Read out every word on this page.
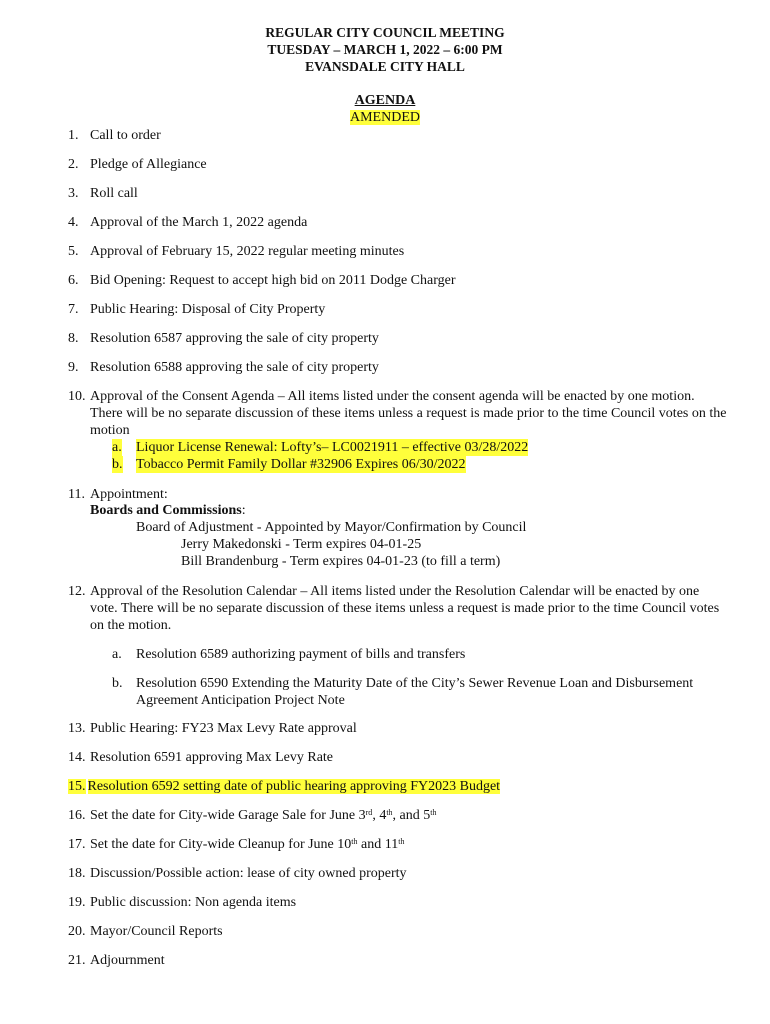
REGULAR CITY COUNCIL MEETING
TUESDAY – MARCH 1, 2022 – 6:00 PM
EVANSDALE CITY HALL
AGENDA
AMENDED
1. Call to order
2. Pledge of Allegiance
3. Roll call
4. Approval of the March 1, 2022 agenda
5. Approval of February 15, 2022 regular meeting minutes
6. Bid Opening: Request to accept high bid on 2011 Dodge Charger
7. Public Hearing: Disposal of City Property
8. Resolution 6587 approving the sale of city property
9. Resolution 6588 approving the sale of city property
10. Approval of the Consent Agenda – All items listed under the consent agenda will be enacted by one motion. There will be no separate discussion of these items unless a request is made prior to the time Council votes on the motion
a. Liquor License Renewal: Lofty’s– LC0021911 – effective 03/28/2022
b. Tobacco Permit Family Dollar #32906 Expires 06/30/2022
11. Appointment:
Boards and Commissions:
Board of Adjustment - Appointed by Mayor/Confirmation by Council
Jerry Makedonski - Term expires 04-01-25
Bill Brandenburg - Term expires 04-01-23 (to fill a term)
12. Approval of the Resolution Calendar – All items listed under the Resolution Calendar will be enacted by one vote. There will be no separate discussion of these items unless a request is made prior to the time Council votes on the motion.
a. Resolution 6589 authorizing payment of bills and transfers
b. Resolution 6590 Extending the Maturity Date of the City’s Sewer Revenue Loan and Disbursement
Agreement Anticipation Project Note
13. Public Hearing: FY23 Max Levy Rate approval
14. Resolution 6591 approving Max Levy Rate
15. Resolution 6592 setting date of public hearing approving FY2023 Budget
16. Set the date for City-wide Garage Sale for June 3rd, 4th, and 5th
17. Set the date for City-wide Cleanup for June 10th and 11th
18. Discussion/Possible action: lease of city owned property
19. Public discussion: Non agenda items
20. Mayor/Council Reports
21. Adjournment
